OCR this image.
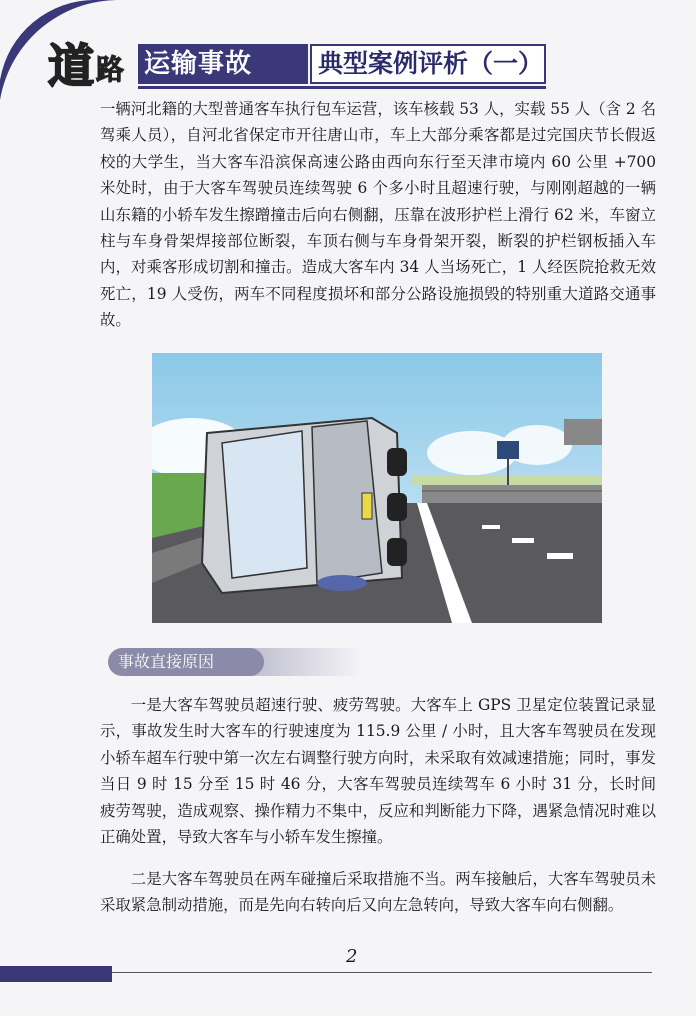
道 路 运输事故	典型案例评析（一）

一辆河北籍的大型普通客车执行包车运营，该车核载 53 人，实载 55 人（含 2 名驾乘人员），自河北省保定市开往唐山市，车上大部分乘客都是过完国庆节长假返校的大学生，当大客车沿滨保高速公路由西向东行至天津市境内 60 公里 +700 米处时，由于大客车驾驶员连续驾驶 6 个多小时且超速行驶，与刚刚超越的一辆山东籍的小轿车发生擦蹭撞击后向右侧翻，压靠在波形护栏上滑行 62 米，车窗立柱与车身骨架焊接部位断裂，车顶右侧与车身骨架开裂，断裂的护栏钢板插入车内，对乘客形成切割和撞击。造成大客车内 34 人当场死亡，1 人经医院抢救无效死亡，19 人受伤，两车不同程度损坏和部分公路设施损毁的特别重大道路交通事故。

事故直接原因

一是大客车驾驶员超速行驶、疲劳驾驶。大客车上 GPS 卫星定位装置记录显示，事故发生时大客车的行驶速度为 115.9 公里 / 小时，且大客车驾驶员在发现小轿车超车行驶中第一次左右调整行驶方向时，未采取有效减速措施；同时，事发当日 9 时 15 分至 15 时 46 分，大客车驾驶员连续驾车 6 小时 31 分，长时间疲劳驾驶，造成观察、操作精力不集中，反应和判断能力下降，遇紧急情况时难以正确处置，导致大客车与小轿车发生擦撞。

二是大客车驾驶员在两车碰撞后采取措施不当。两车接触后，大客车驾驶员未采取紧急制动措施，而是先向右转向后又向左急转向，导致大客车向右侧翻。

2
